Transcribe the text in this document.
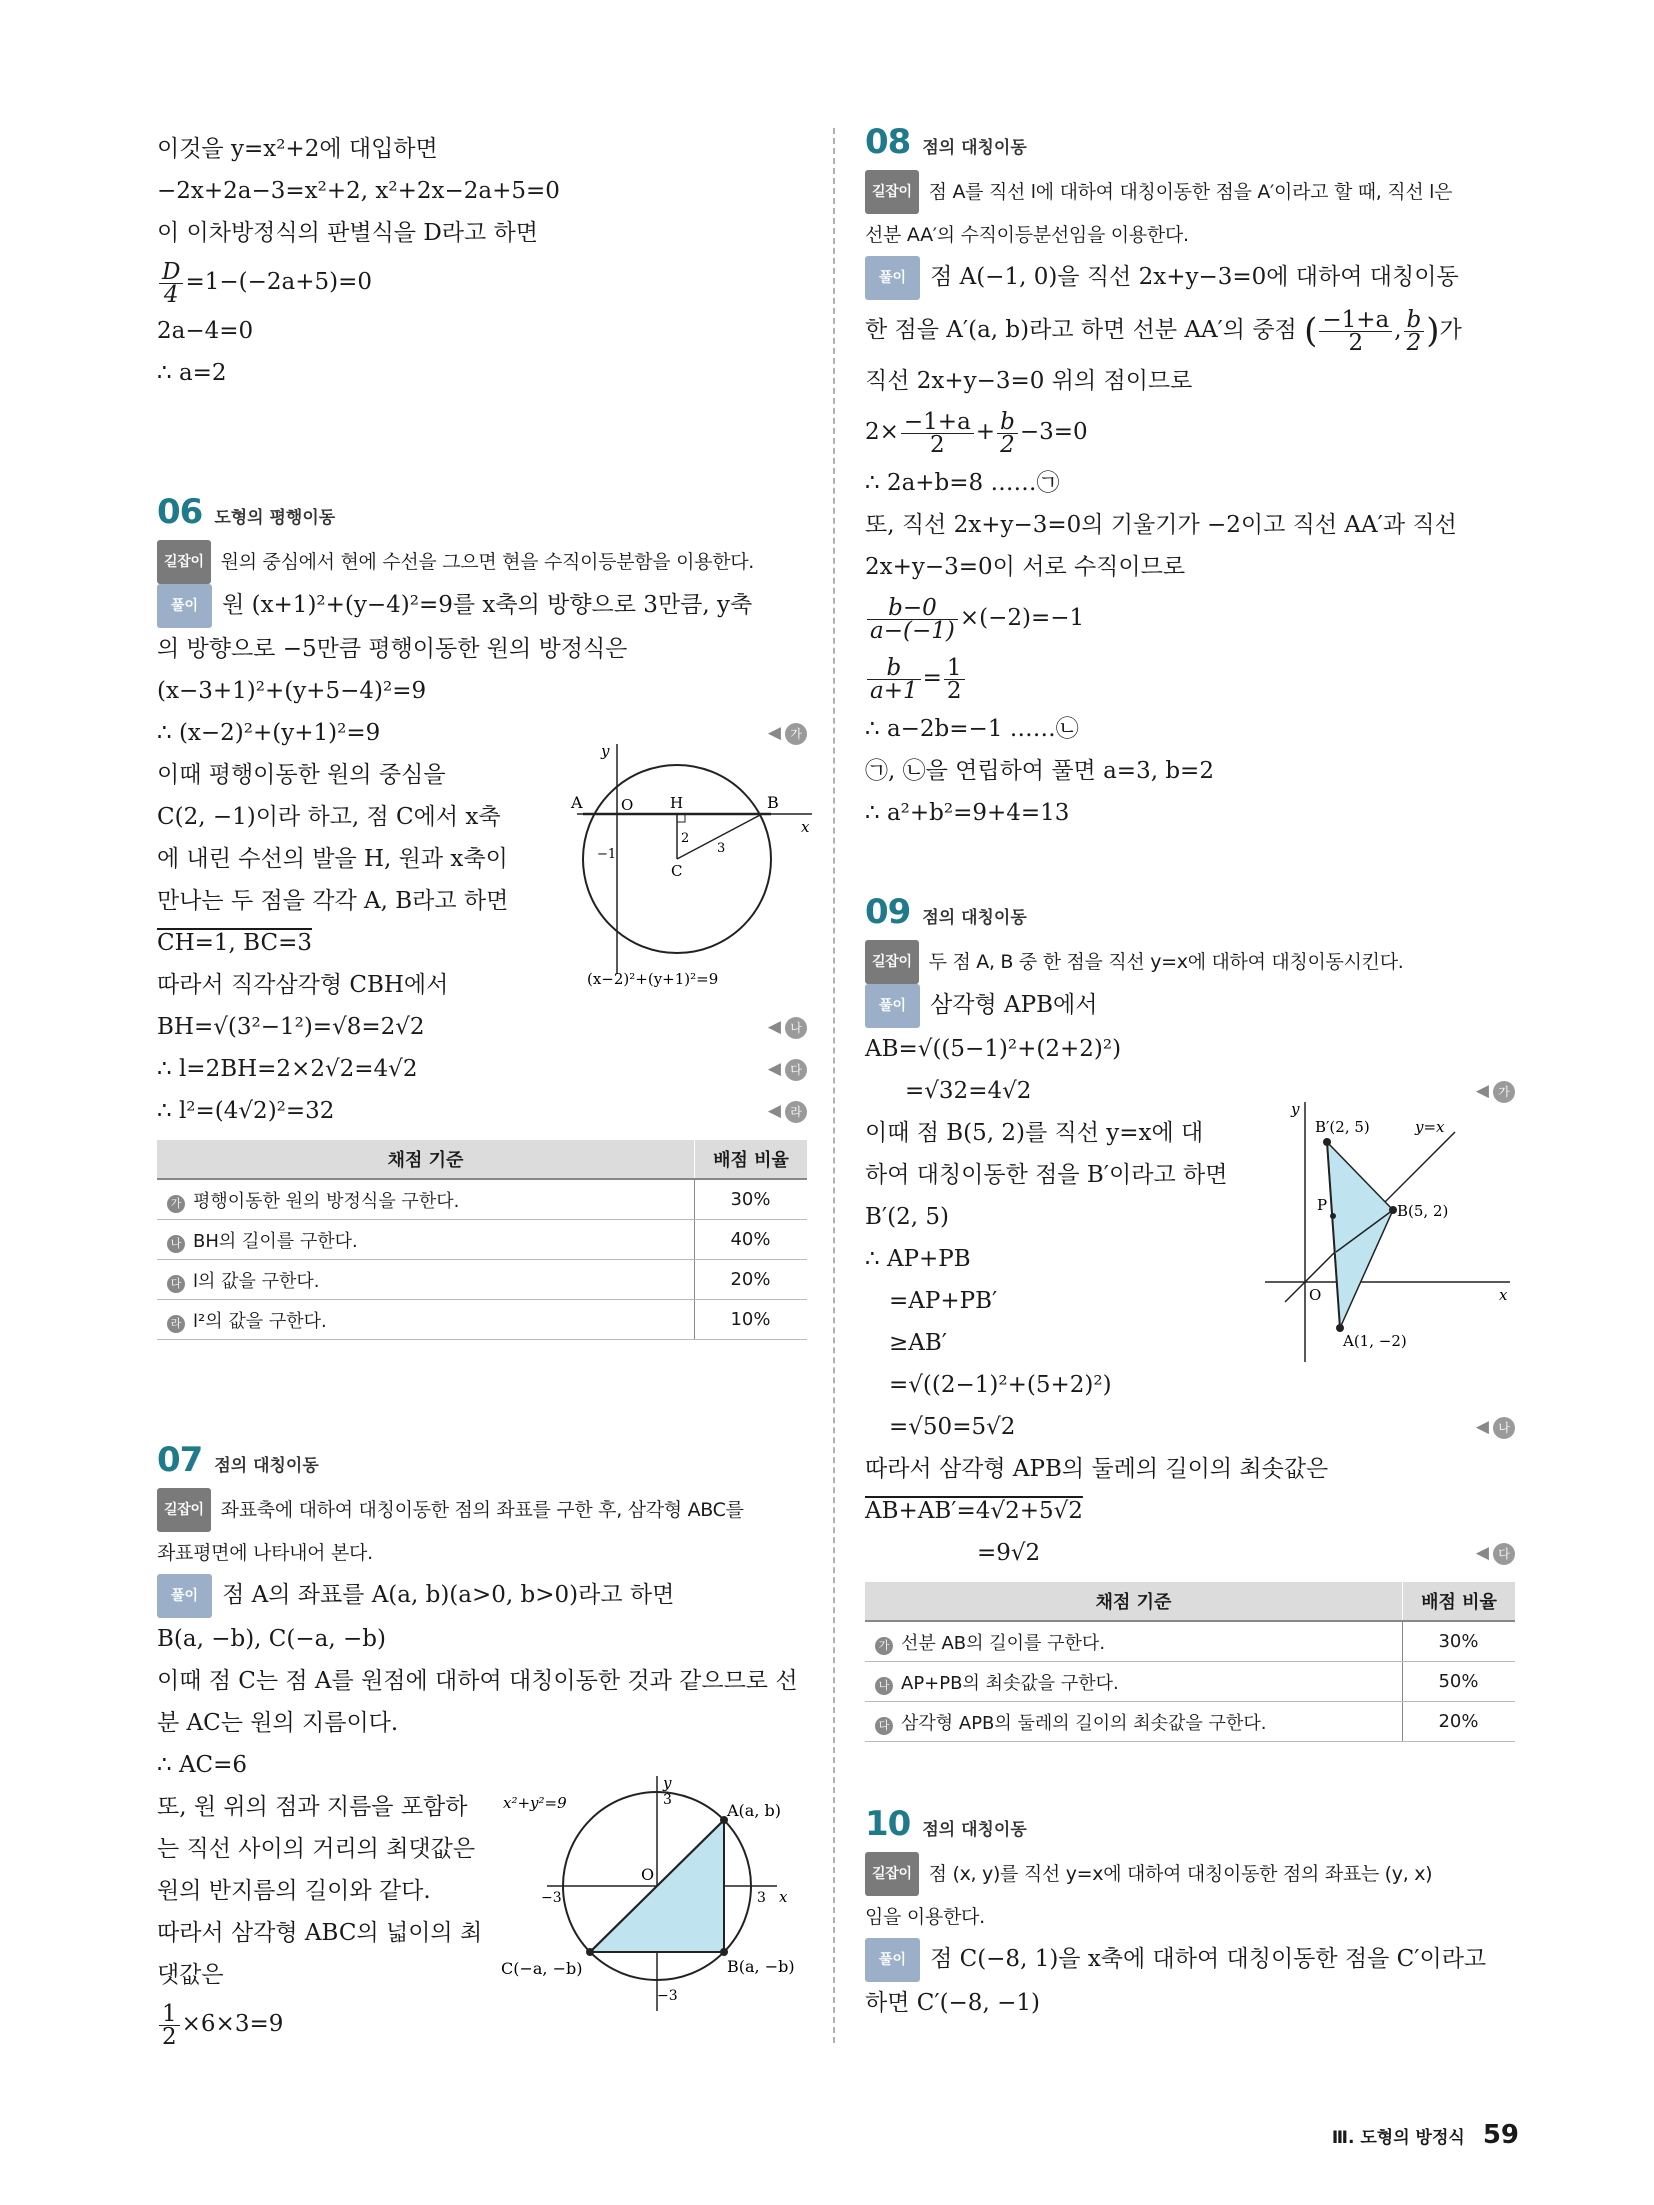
이것을 y=x²+2에 대입하면
−2x+2a−3=x²+2, x²+2x−2a+5=0
이 이차방정식의 판별식을 D라고 하면
$\frac{D}{4} =1-(-2a+5)=0$
2a−4=0
∴ a=2
06 도형의 평행이동
길잡이 원의 중심에서 현에 수선을 그으면 현을 수직이등분함을 이용한다.
풀이 원 (x+1)²+(y−4)²=9를 x축의 방향으로 3만큼, y축
의 방향으로 −5만큼 평행이동한 원의 방정식은
(x−3+1)²+(y+5−4)²=9
∴ (x−2)²+(y+1)²=9	◀ 가
이때 평행이동한 원의 중심을
C(2, −1)이라 하고, 점 C에서 x축
에 내린 수선의 발을 H, 원과 x축이
만나는 두 점을 각각 A, B라고 하면
CH=1, BC=3
A	B
O H
C
2
3
−1
x
y
(x−2)²+(y+1)²=9
따라서 직각삼각형 CBH에서
BH=√(3²−1²)=√8=2√2	◀ 나
∴ l=2BH=2×2√2=4√2	◀ 다
∴ l²=(4√2)²=32	◀ 라
채점 기준	배점 비율
가 평행이동한 원의 방정식을 구한다.	30%
나 BH의 길이를 구한다.	40%
다 l의 값을 구한다.	20%
라 l²의 값을 구한다.	10%
07 점의 대칭이동
길잡이 좌표축에 대하여 대칭이동한 점의 좌표를 구한 후, 삼각형 ABC를
좌표평면에 나타내어 본다.
풀이 점 A의 좌표를 A(a, b)(a>0, b>0)라고 하면
B(a, −b), C(−a, −b)
이때 점 C는 점 A를 원점에 대하여 대칭이동한 것과 같으므로 선
분 AC는 원의 지름이다.
∴ AC=6
또, 원 위의 점과 지름을 포함하
는 직선 사이의 거리의 최댓값은
원의 반지름의 길이와 같다.
따라서 삼각형 ABC의 넓이의 최
댓값은
$\frac{1}{2} \times 6\times 3=9$
x²+y²=9	A(a, b)
B(a, −b)
C(−a, −b)
O
3
−3
3
−3	x
y
08 점의 대칭이동
길잡이 점 A를 직선 l에 대하여 대칭이동한 점을 A′이라고 할 때, 직선 l은
선분 AA′의 수직이등분선임을 이용한다.
풀이 점 A(−1, 0)을 직선 2x+y−3=0에 대하여 대칭이동
한 점을 A′(a, b)라고 하면 선분 AA′의 중점 ( $\frac{-1+a}{2}$ , $\frac{b}{2}$ )가
직선 2x+y−3=0 위의 점이므로
$2\times \frac{-1+a}{2} + \frac{b}{2} -3=0$
∴ 2a+b=8 ……㉠
또, 직선 2x+y−3=0의 기울기가 −2이고 직선 AA′과 직선
2x+y−3=0이 서로 수직이므로
$\frac{b-0}{a-(-1)} \times(-2)=-1$
$\frac{b}{a+1} = \frac{1}{2}$
∴ a−2b=−1 ……㉡
㉠, ㉡을 연립하여 풀면 a=3, b=2
∴ a²+b²=9+4=13
09 점의 대칭이동
길잡이 두 점 A, B 중 한 점을 직선 y=x에 대하여 대칭이동시킨다.
풀이 삼각형 APB에서
AB=√((5−1)²+(2+2)²)
=√32=4√2	◀ 가
이때 점 B(5, 2)를 직선 y=x에 대
하여 대칭이동한 점을 B′이라고 하면
B′(2, 5)
∴ AP+PB
=AP+PB′
≥AB′
=√((2−1)²+(5+2)²)
=√50=5√2	◀ 나
B′(2, 5)	y=x
P	B(5, 2)
O
A(1, −2)
x
y
따라서 삼각형 APB의 둘레의 길이의 최솟값은
AB+AB′=4√2+5√2
=9√2	◀ 다
채점 기준	배점 비율
가 선분 AB의 길이를 구한다.	30%
나 AP+PB의 최솟값을 구한다.	50%
다 삼각형 APB의 둘레의 길이의 최솟값을 구한다.	20%
10 점의 대칭이동
길잡이 점 (x, y)를 직선 y=x에 대하여 대칭이동한 점의 좌표는 (y, x)
임을 이용한다.
풀이 점 C(−8, 1)을 x축에 대하여 대칭이동한 점을 C′이라고
하면 C′(−8, −1)
Ⅲ. 도형의 방정식 59
